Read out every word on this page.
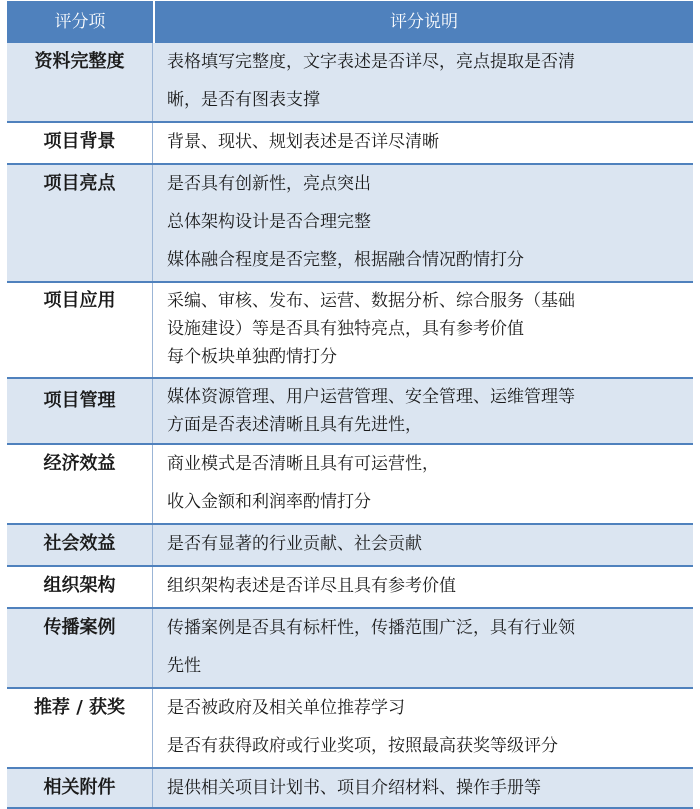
评分项	评分说明
资料完整度	表格填写完整度，文字表述是否详尽，亮点提取是否清
晰，是否有图表支撑
项目背景	背景、现状、规划表述是否详尽清晰
项目亮点	是否具有创新性，亮点突出
总体架构设计是否合理完整
媒体融合程度是否完整，根据融合情况酌情打分
项目应用	采编、审核、发布、运营、数据分析、综合服务（基础
设施建设）等是否具有独特亮点，具有参考价值
每个板块单独酌情打分
项目管理	媒体资源管理、用户运营管理、安全管理、运维管理等
方面是否表述清晰且具有先进性，
经济效益	商业模式是否清晰且具有可运营性，
收入金额和利润率酌情打分
社会效益	是否有显著的行业贡献、社会贡献
组织架构	组织架构表述是否详尽且具有参考价值
传播案例	传播案例是否具有标杆性，传播范围广泛，具有行业领
先性
推荐 / 获奖	是否被政府及相关单位推荐学习
是否有获得政府或行业奖项，按照最高获奖等级评分
相关附件	提供相关项目计划书、项目介绍材料、操作手册等
